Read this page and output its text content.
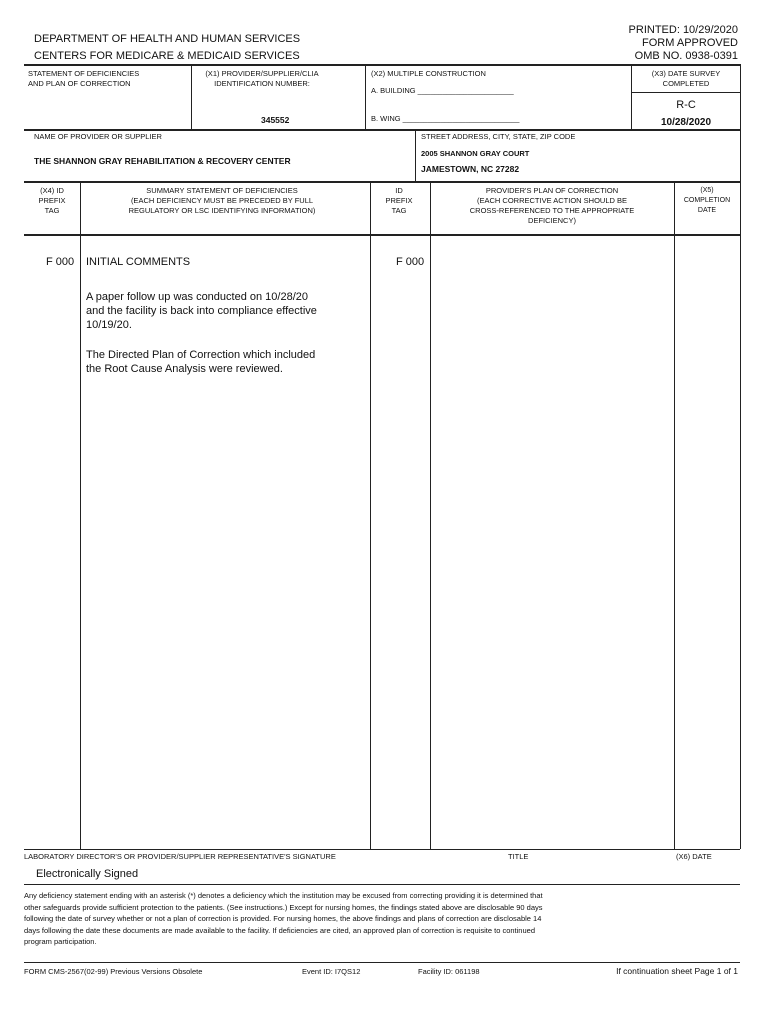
DEPARTMENT OF HEALTH AND HUMAN SERVICES
CENTERS FOR MEDICARE & MEDICAID SERVICES
PRINTED: 10/29/2020
FORM APPROVED
OMB NO. 0938-0391
STATEMENT OF DEFICIENCIES
AND PLAN OF CORRECTION
(X1) PROVIDER/SUPPLIER/CLIA
IDENTIFICATION NUMBER:
345552
(X2) MULTIPLE CONSTRUCTION
A. BUILDING _______________________
B. WING ____________________________
(X3) DATE SURVEY
COMPLETED
R-C
10/28/2020
NAME OF PROVIDER OR SUPPLIER
THE SHANNON GRAY REHABILITATION & RECOVERY CENTER
STREET ADDRESS, CITY, STATE, ZIP CODE
2005 SHANNON GRAY COURT
JAMESTOWN, NC 27282
(X4) ID
PREFIX
TAG
SUMMARY STATEMENT OF DEFICIENCIES
(EACH DEFICIENCY MUST BE PRECEDED BY FULL
REGULATORY OR LSC IDENTIFYING INFORMATION)
ID
PREFIX
TAG
PROVIDER'S PLAN OF CORRECTION
(EACH CORRECTIVE ACTION SHOULD BE
CROSS-REFERENCED TO THE APPROPRIATE
DEFICIENCY)
(X5)
COMPLETION
DATE
F 000 INITIAL COMMENTS
A paper follow up was conducted on 10/28/20
and the facility is back into compliance effective
10/19/20.
The Directed Plan of Correction which included
the Root Cause Analysis were reviewed.
F 000
LABORATORY DIRECTOR'S OR PROVIDER/SUPPLIER REPRESENTATIVE'S SIGNATURE	TITLE	(X6) DATE
Electronically Signed
Any deficiency statement ending with an asterisk (*) denotes a deficiency which the institution may be excused from correcting providing it is determined that
other safeguards provide sufficient protection to the patients. (See instructions.) Except for nursing homes, the findings stated above are disclosable 90 days
following the date of survey whether or not a plan of correction is provided. For nursing homes, the above findings and plans of correction are disclosable 14
days following the date these documents are made available to the facility. If deficiencies are cited, an approved plan of correction is requisite to continued
program participation.
FORM CMS-2567(02-99) Previous Versions Obsolete	Event ID: I7QS12	Facility ID: 061198	If continuation sheet Page 1 of 1
